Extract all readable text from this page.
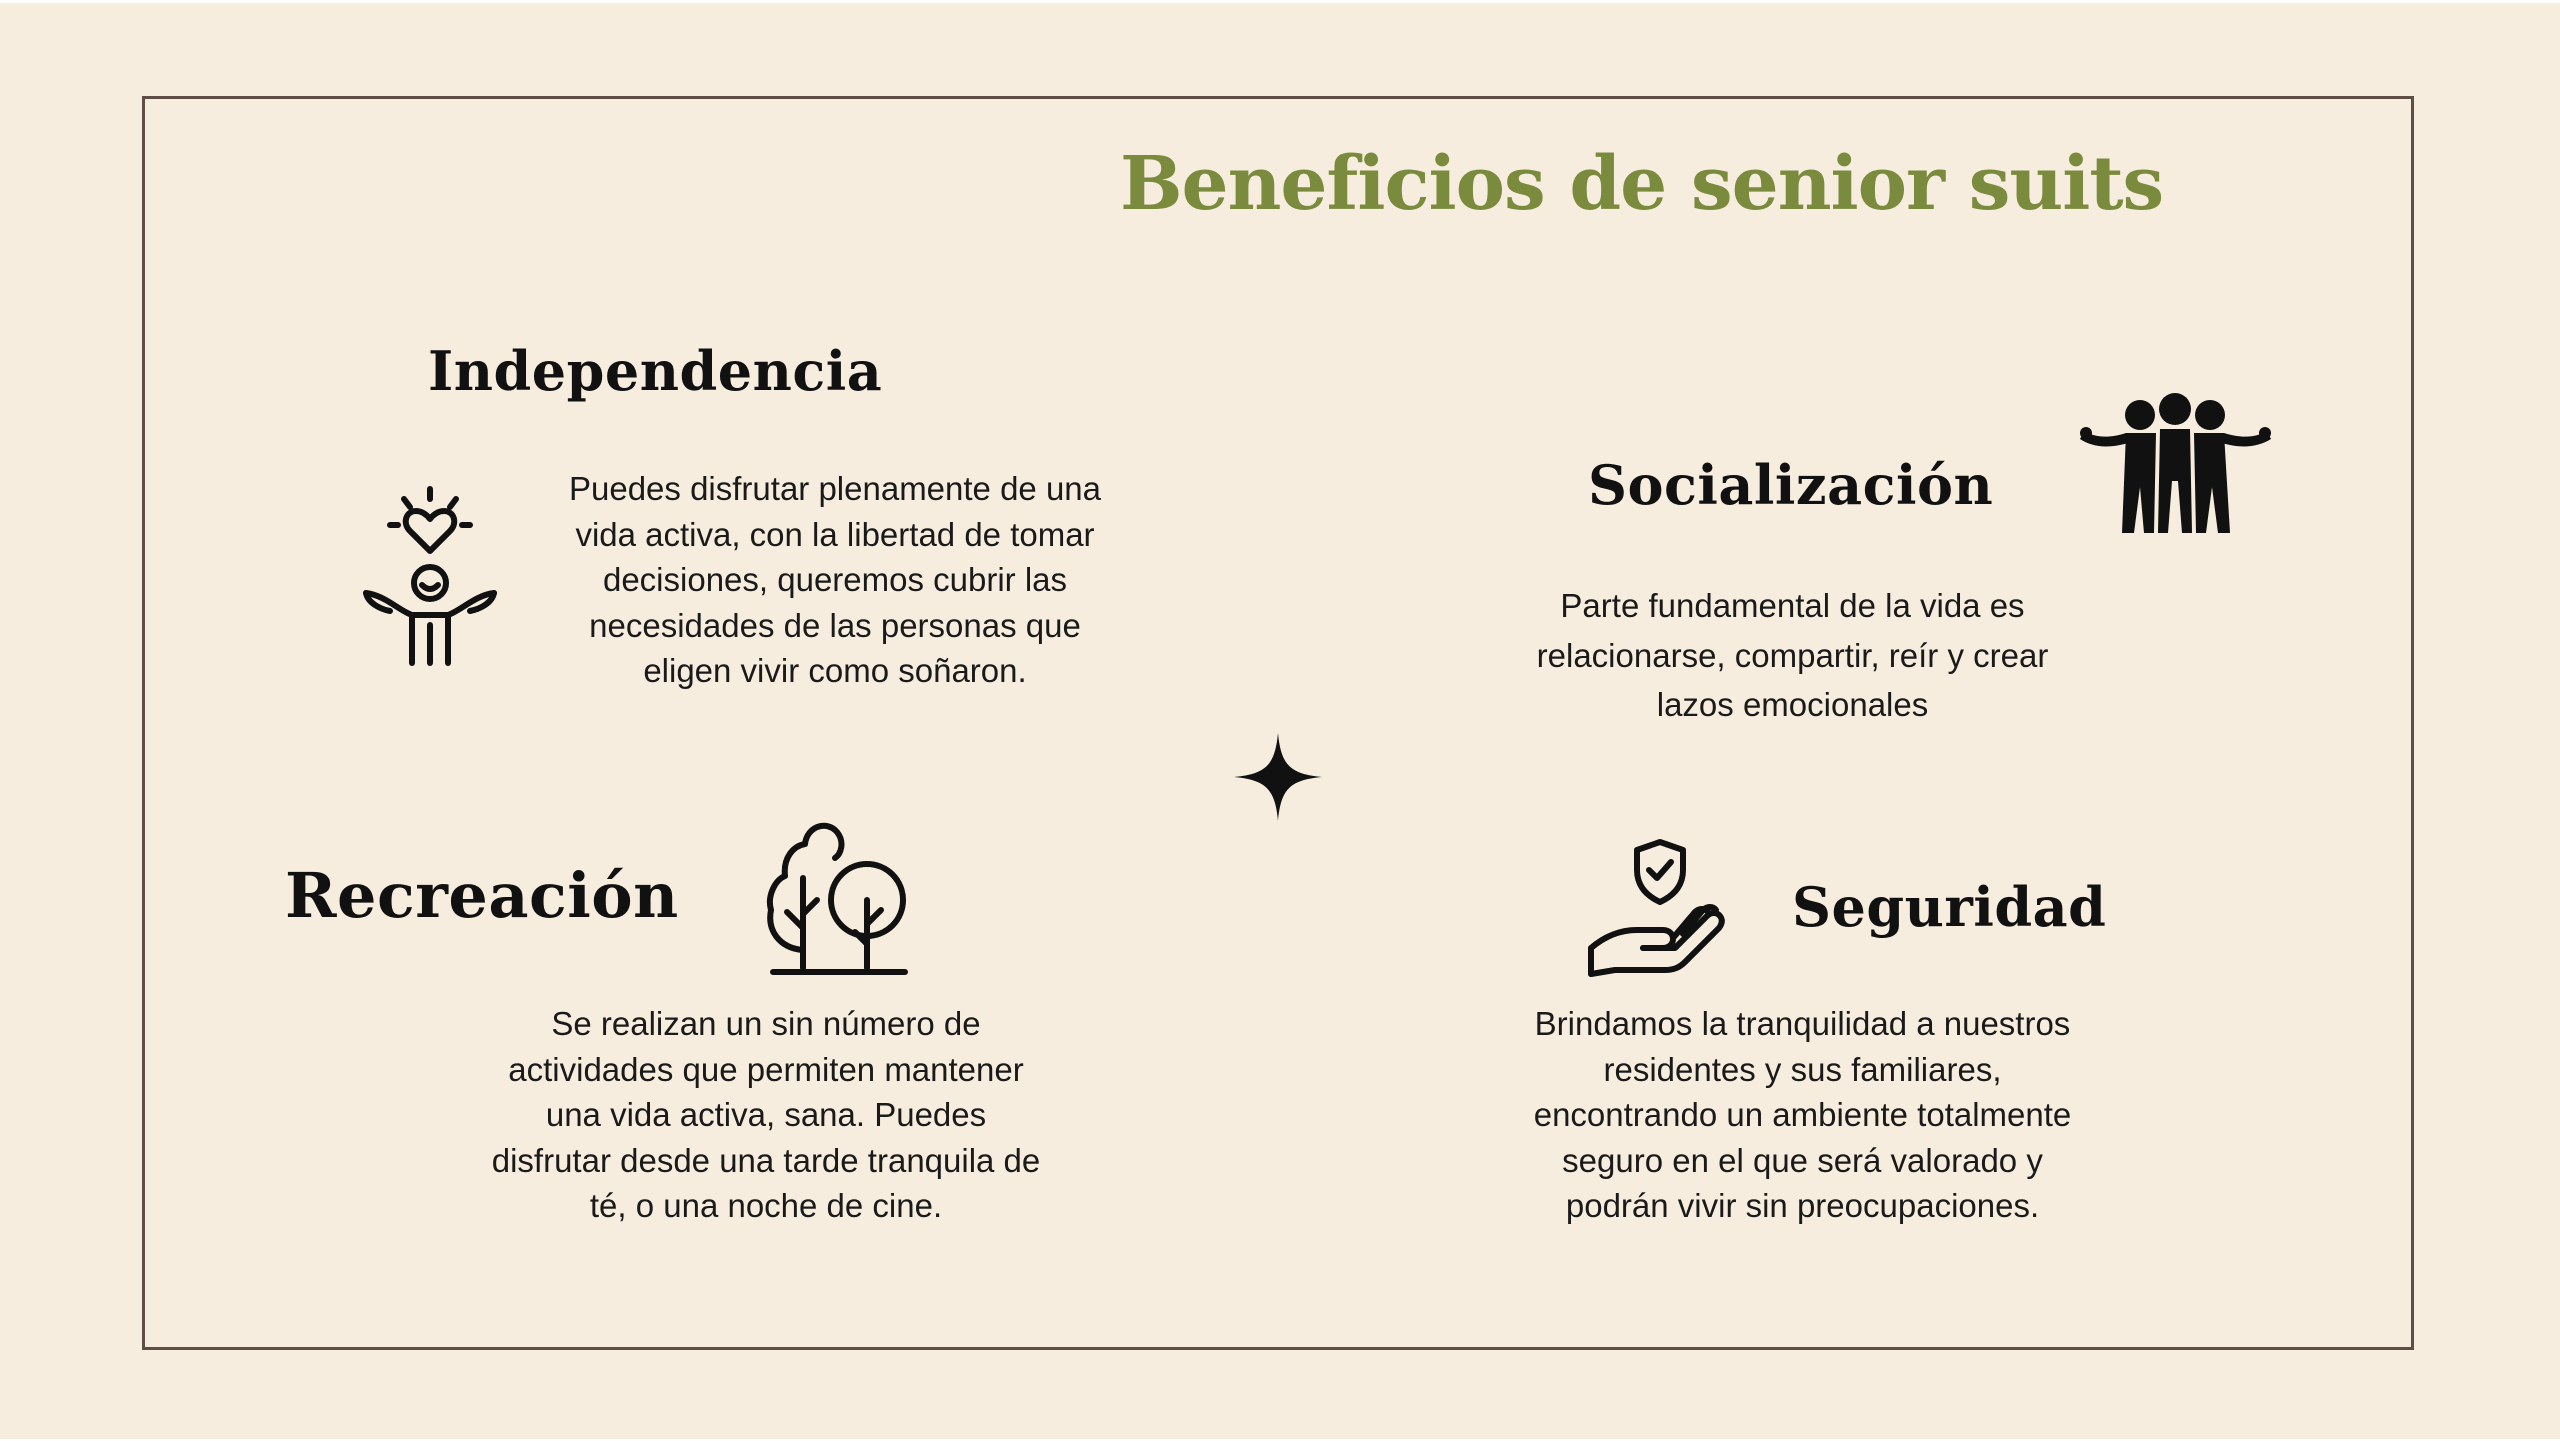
Beneficios de senior suits
Independencia
Puedes disfrutar plenamente de una vida activa, con la libertad de tomar decisiones, queremos cubrir las necesidades de las personas que eligen vivir como soñaron.
Socialización
Parte fundamental de la vida es relacionarse, compartir, reír y crear lazos emocionales
Recreación
Se realizan un sin número de actividades que permiten mantener una vida activa, sana. Puedes disfrutar desde una tarde tranquila de té, o una noche de cine.
Seguridad
Brindamos la tranquilidad a nuestros residentes y sus familiares, encontrando un ambiente totalmente seguro en el que será valorado y podrán vivir sin preocupaciones.
